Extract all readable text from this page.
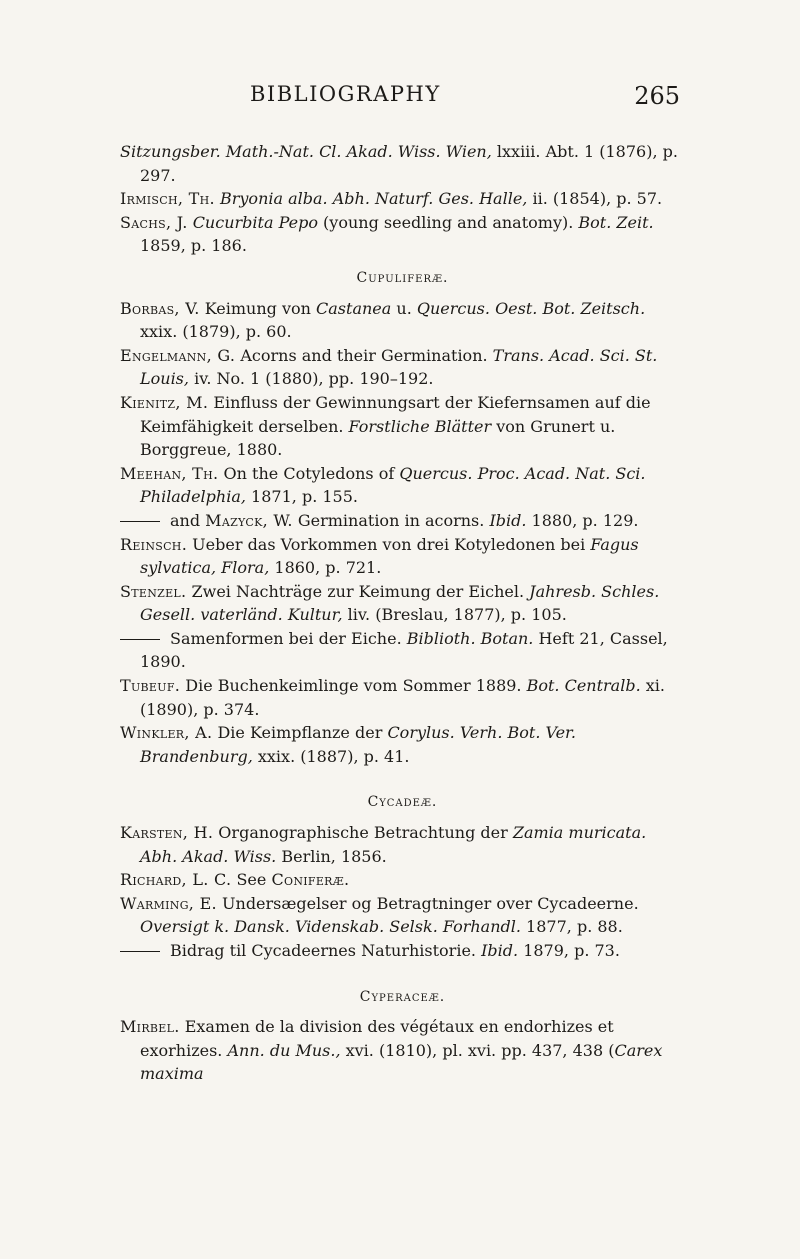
BIBLIOGRAPHY	265

Sitzungsber. Math.-Nat. Cl. Akad. Wiss. Wien, lxxiii. Abt. 1 (1876), p. 297.

Irmisch, Th. Bryonia alba. Abh. Naturf. Ges. Halle, ii. (1854), p. 57.

Sachs, J. Cucurbita Pepo (young seedling and anatomy). Bot. Zeit. 1859, p. 186.

Cupuliferæ.

Borbas, V. Keimung von Castanea u. Quercus. Oest. Bot. Zeitsch. xxix. (1879), p. 60.

Engelmann, G. Acorns and their Germination. Trans. Acad. Sci. St. Louis, iv. No. 1 (1880), pp. 190–192.

Kienitz, M. Einfluss der Gewinnungsart der Kiefernsamen auf die Keimfähigkeit derselben. Forstliche Blätter von Grunert u. Borggreue, 1880.

Meehan, Th. On the Cotyledons of Quercus. Proc. Acad. Nat. Sci. Philadelphia, 1871, p. 155.

and Mazyck, W. Germination in acorns. Ibid. 1880, p. 129.

Reinsch. Ueber das Vorkommen von drei Kotyledonen bei Fagus sylvatica, Flora, 1860, p. 721.

Stenzel. Zwei Nachträge zur Keimung der Eichel. Jahresb. Schles. Gesell. vaterländ. Kultur, liv. (Breslau, 1877), p. 105.

Samenformen bei der Eiche. Biblioth. Botan. Heft 21, Cassel, 1890.

Tubeuf. Die Buchenkeimlinge vom Sommer 1889. Bot. Centralb. xi. (1890), p. 374.

Winkler, A. Die Keimpflanze der Corylus. Verh. Bot. Ver. Brandenburg, xxix. (1887), p. 41.

Cycadeæ.

Karsten, H. Organographische Betrachtung der Zamia muricata. Abh. Akad. Wiss. Berlin, 1856.

Richard, L. C. See Coniferæ.

Warming, E. Undersægelser og Betragtninger over Cycadeerne. Oversigt k. Dansk. Videnskab. Selsk. Forhandl. 1877, p. 88.

Bidrag til Cycadeernes Naturhistorie. Ibid. 1879, p. 73.

Cyperaceæ.

Mirbel. Examen de la division des végétaux en endorhizes et exorhizes. Ann. du Mus., xvi. (1810), pl. xvi. pp. 437, 438 (Carex maxima
